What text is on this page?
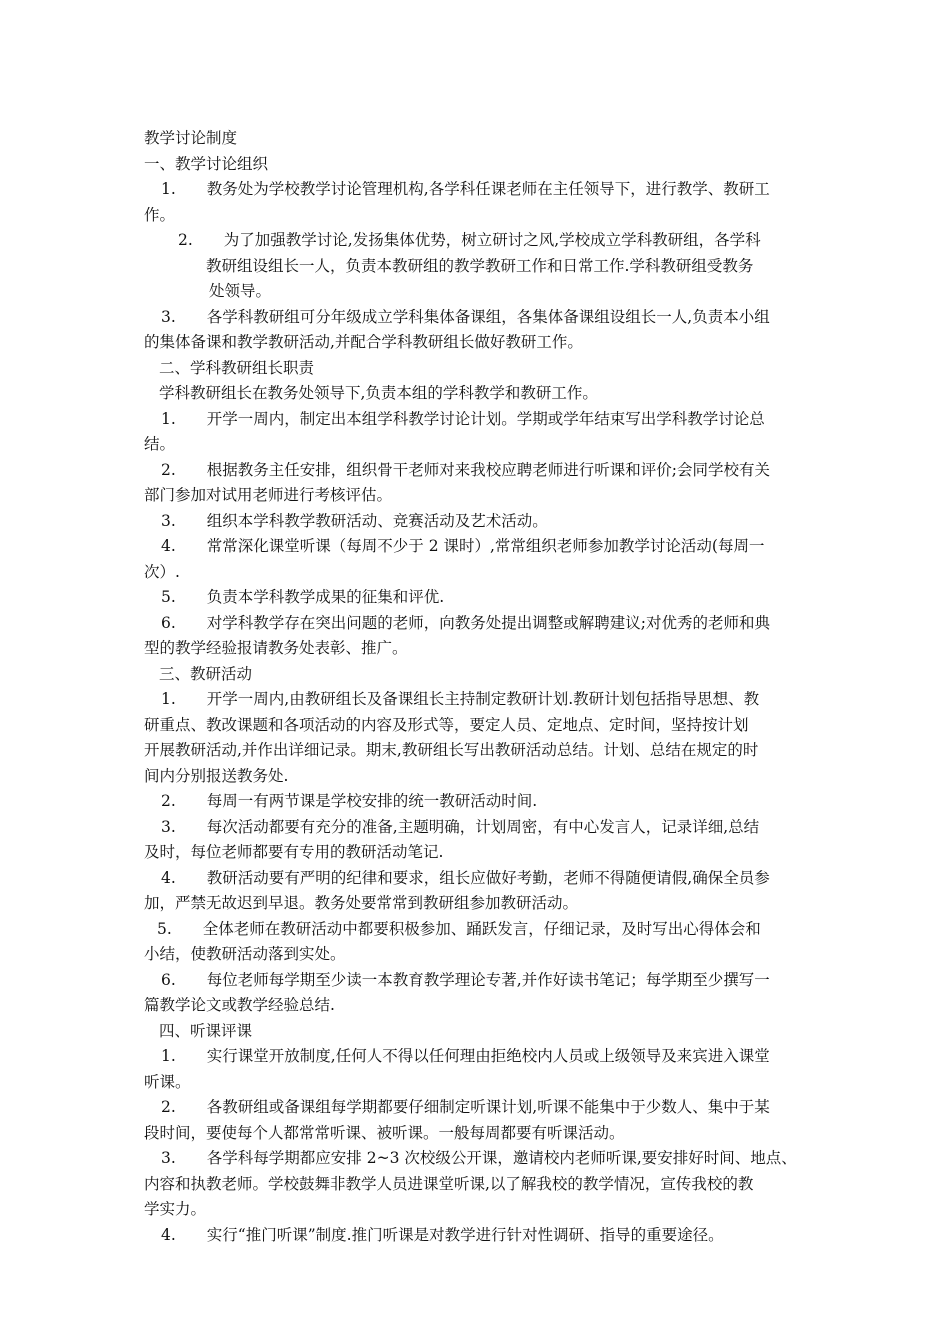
教学讨论制度
一、教学讨论组织
1.　　教务处为学校教学讨论管理机构,各学科任课老师在主任领导下，进行教学、教研工
作。
2.　　为了加强教学讨论,发扬集体优势，树立研讨之风,学校成立学科教研组，各学科
教研组设组长一人，负责本教研组的教学教研工作和日常工作.学科教研组受教务
处领导。
3.　　各学科教研组可分年级成立学科集体备课组，各集体备课组设组长一人,负责本小组
的集体备课和教学教研活动,并配合学科教研组长做好教研工作。
二、学科教研组长职责
学科教研组长在教务处领导下,负责本组的学科教学和教研工作。
1.　　开学一周内，制定出本组学科教学讨论计划。学期或学年结束写出学科教学讨论总
结。
2.　　根据教务主任安排，组织骨干老师对来我校应聘老师进行听课和评价;会同学校有关
部门参加对试用老师进行考核评估。
3.　　组织本学科教学教研活动、竞赛活动及艺术活动。
4.　　常常深化课堂听课（每周不少于 2 课时）,常常组织老师参加教学讨论活动(每周一
次）.
5.　　负责本学科教学成果的征集和评优.
6.　　对学科教学存在突出问题的老师，向教务处提出调整或解聘建议;对优秀的老师和典
型的教学经验报请教务处表彰、推广。
三、教研活动
1.　　开学一周内,由教研组长及备课组长主持制定教研计划.教研计划包括指导思想、教
研重点、教改课题和各项活动的内容及形式等，要定人员、定地点、定时间，坚持按计划
开展教研活动,并作出详细记录。期末,教研组长写出教研活动总结。计划、总结在规定的时
间内分别报送教务处.
2.　　每周一有两节课是学校安排的统一教研活动时间.
3.　　每次活动都要有充分的准备,主题明确，计划周密，有中心发言人，记录详细,总结
及时，每位老师都要有专用的教研活动笔记.
4.　　教研活动要有严明的纪律和要求，组长应做好考勤，老师不得随便请假,确保全员参
加，严禁无故迟到早退。教务处要常常到教研组参加教研活动。
5.　　全体老师在教研活动中都要积极参加、踊跃发言，仔细记录，及时写出心得体会和
小结，使教研活动落到实处。
6.　　每位老师每学期至少读一本教育教学理论专著,并作好读书笔记；每学期至少撰写一
篇教学论文或教学经验总结.
四、听课评课
1.　　实行课堂开放制度,任何人不得以任何理由拒绝校内人员或上级领导及来宾进入课堂
听课。
2.　　各教研组或备课组每学期都要仔细制定听课计划,听课不能集中于少数人、集中于某
段时间，要使每个人都常常听课、被听课。一般每周都要有听课活动。
3.　　各学科每学期都应安排 2~3 次校级公开课，邀请校内老师听课,要安排好时间、地点、
内容和执教老师。学校鼓舞非教学人员进课堂听课,以了解我校的教学情况，宣传我校的教
学实力。
4.　　实行“推门听课”制度.推门听课是对教学进行针对性调研、指导的重要途径。
